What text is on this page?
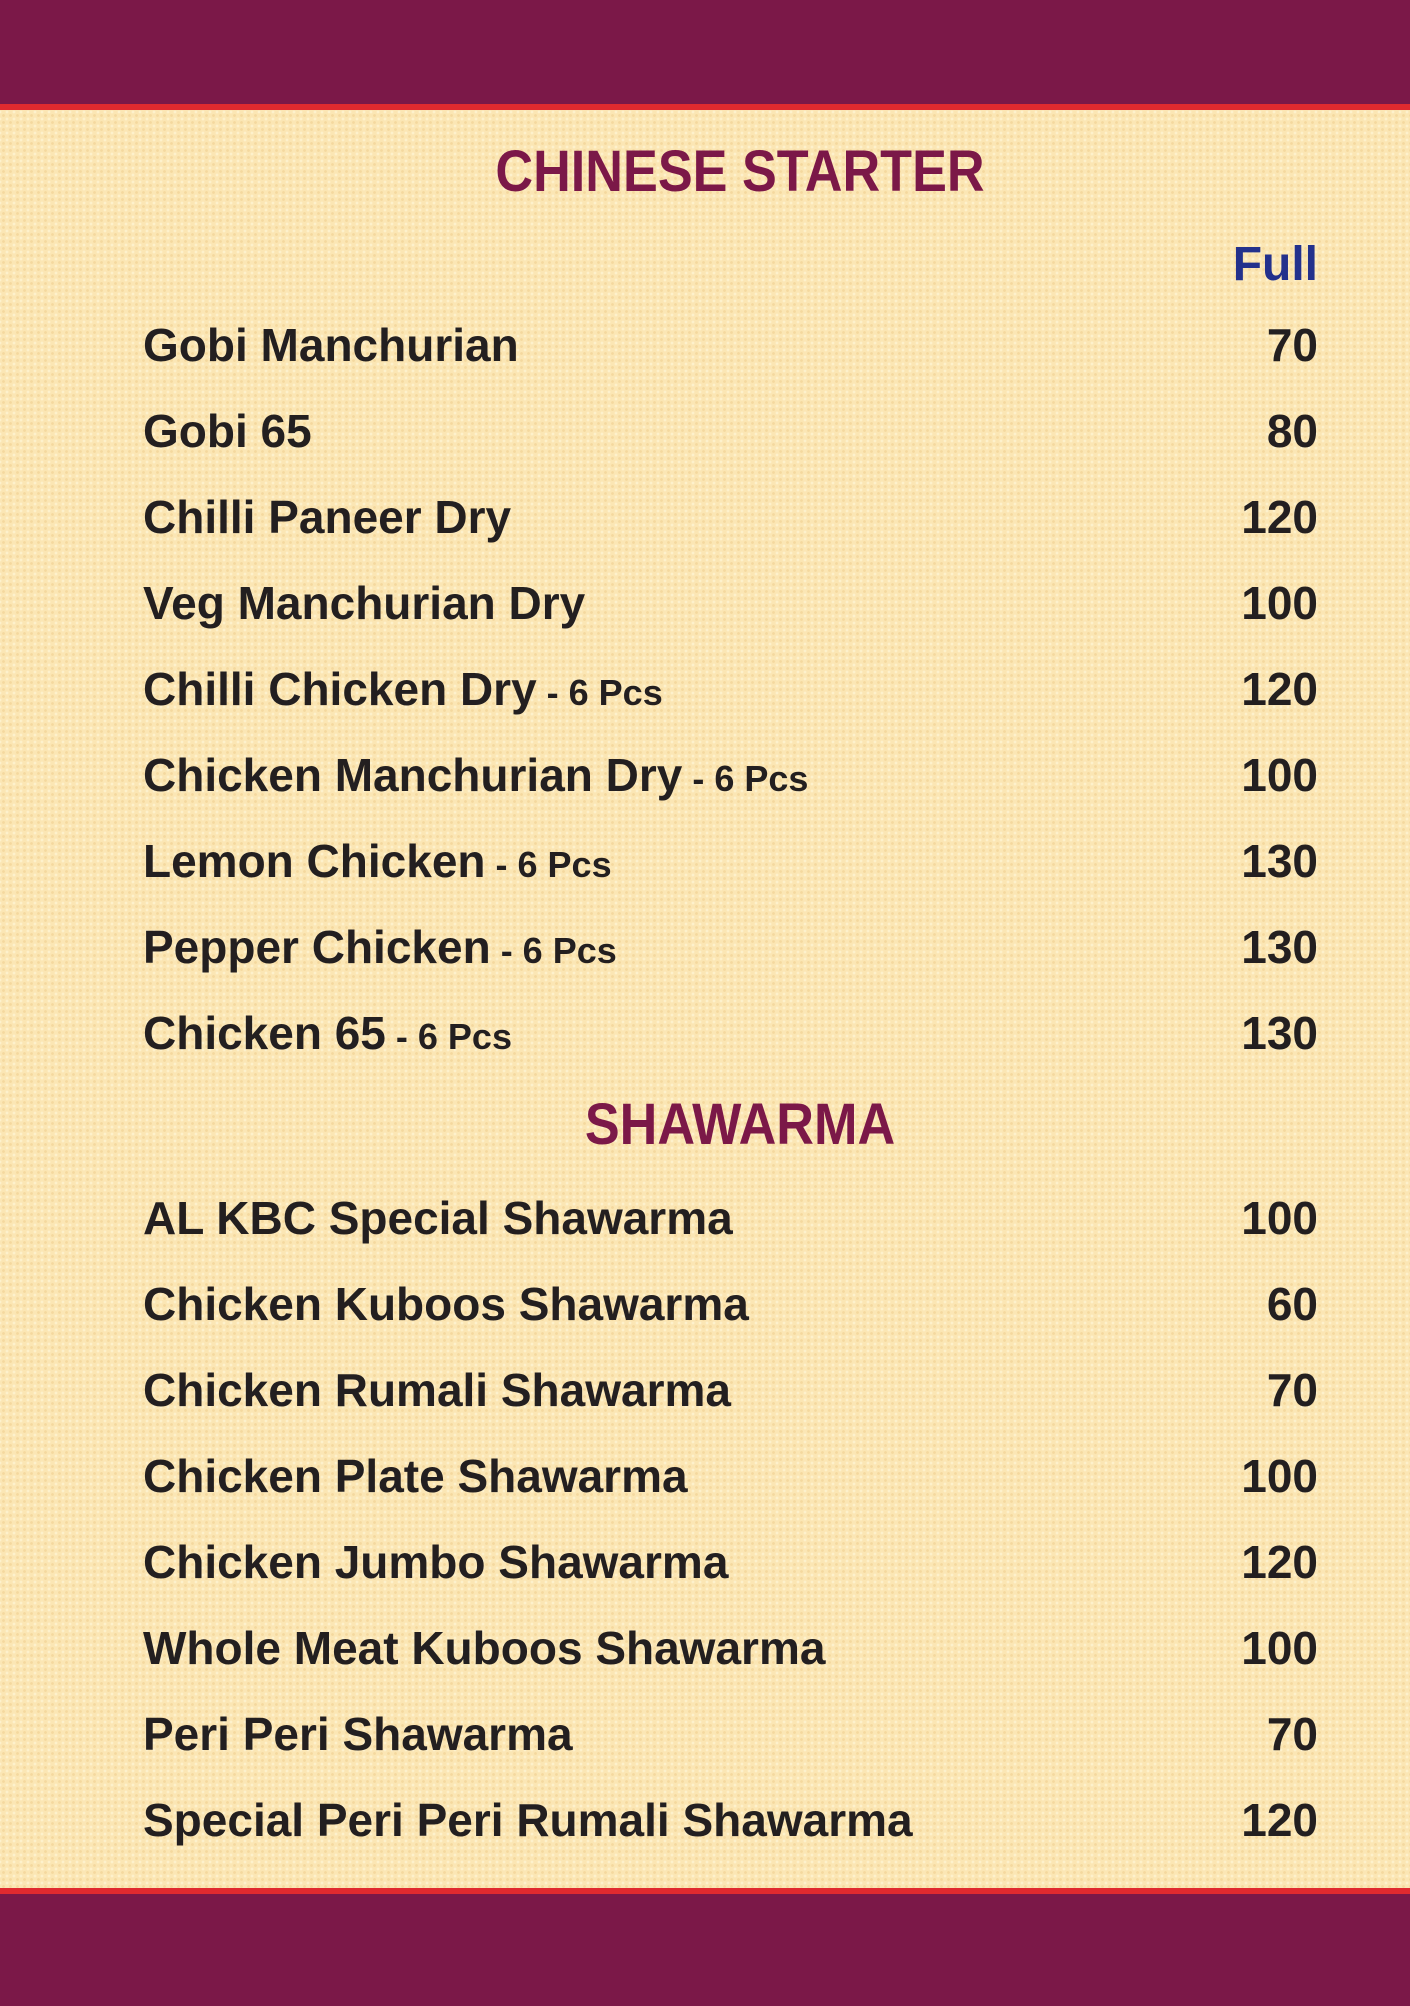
CHINESE STARTER
Full
Gobi Manchurian	70
Gobi 65	80
Chilli Paneer Dry	120
Veg Manchurian Dry	100
Chilli Chicken Dry - 6 Pcs	120
Chicken Manchurian Dry - 6 Pcs	100
Lemon Chicken - 6 Pcs	130
Pepper Chicken - 6 Pcs	130
Chicken 65 - 6 Pcs	130
SHAWARMA
AL KBC Special Shawarma	100
Chicken Kuboos Shawarma	60
Chicken Rumali Shawarma	70
Chicken Plate Shawarma	100
Chicken Jumbo Shawarma	120
Whole Meat Kuboos Shawarma	100
Peri Peri Shawarma	70
Special Peri Peri Rumali Shawarma	120
